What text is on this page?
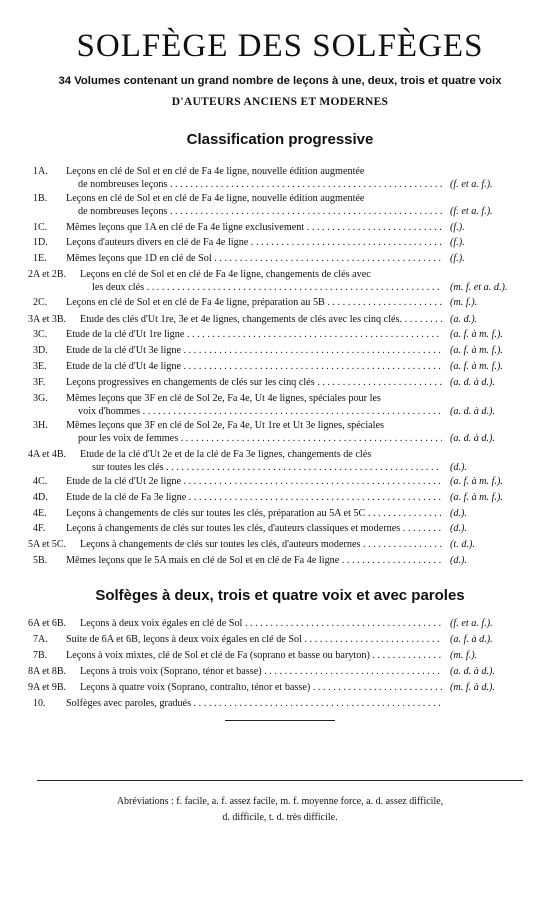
SOLFÈGE DES SOLFÈGES
34 Volumes contenant un grand nombre de leçons à une, deux, trois et quatre voix
D'AUTEURS ANCIENS ET MODERNES
Classification progressive
1A.	Leçons en clé de Sol et en clé de Fa 4e ligne, nouvelle édition augmentée
de nombreuses leçons . . .	(f. et a. f.).
1B.	Leçons en clé de Sol et en clé de Fa 4e ligne, nouvelle édition augmentée
de nombreuses leçons . . .	(f. et a. f.).
1C.	Mêmes leçons que 1A en clé de Fa 4e ligne exclusivement . . .	(f.).
1D.	Leçons d'auteurs divers en clé de Fa 4e ligne . . .	(f.).
1E.	Mêmes leçons que 1D en clé de Sol . . .	(f.).
2A et 2B.	Leçons en clé de Sol et en clé de Fa 4e ligne, changements de clés avec
les deux clés . . .	(m. f. et a. d.).
2C.	Leçons en clé de Sol et en clé de Fa 4e ligne, préparation au 5B . . .	(m. f.).
3A et 3B.	Étude des clés d'Ut 1re, 3e et 4e lignes, changements de clés avec les cinq clés. . . .	(a. d.).
3C.	Étude de la clé d'Ut 1re ligne . . .	(a. f. à m. f.).
3D.	Étude de la clé d'Ut 3e ligne . . .	(a. f. à m. f.).
3E.	Étude de la clé d'Ut 4e ligne . . .	(a. f. à m. f.).
3F.	Leçons progressives en changements de clés sur les cinq clés . . .	(a. d. à d.).
3G.	Mêmes leçons que 3F en clé de Sol 2e, Fa 4e, Ut 4e lignes, spéciales pour les
voix d'hommes . . .	(a. d. à d.).
3H.	Mêmes leçons que 3F en clé de Sol 2e, Fa 4e, Ut 1re et Ut 3e lignes, spéciales
pour les voix de femmes . . .	(a. d. à d.).
4A et 4B.	Étude de la clé d'Ut 2e et de la clé de Fa 3e lignes, changements de clés
sur toutes les clés . . .	(d.).
4C.	Étude de la clé d'Ut 2e ligne . . .	(a. f. à m. f.).
4D.	Étude de la clé de Fa 3e ligne . . .	(a. f. à m. f.).
4E.	Leçons à changements de clés sur toutes les clés, préparation au 5A et 5C . . .	(d.).
4F.	Leçons à changements de clés sur toutes les clés, d'auteurs classiques et modernes . . .	(d.).
5A et 5C.	Leçons à changements de clés sur toutes les clés, d'auteurs modernes . . .	(t. d.).
5B.	Mêmes leçons que le 5A mais en clé de Sol et en clé de Fa 4e ligne . . .	(d.).
Solfèges à deux, trois et quatre voix et avec paroles
6A et 6B.	Leçons à deux voix égales en clé de Sol . . .	(f. et a. f.).
7A.	Suite de 6A et 6B, leçons à deux voix égales en clé de Sol . . .	(a. f. à d.).
7B.	Leçons à voix mixtes, clé de Sol et clé de Fa (soprano et basse ou baryton) . . .	(m. f.).
8A et 8B.	Leçons à trois voix (Soprano, ténor et basse) . . .	(a. d. à d.).
9A et 9B.	Leçons à quatre voix (Soprano, contralto, ténor et basse) . . .	(m. f. à d.).
10.	Solfèges avec paroles, gradués . . .
Abréviations : f. facile, a. f. assez facile, m. f. moyenne force, a. d. assez difficile,
d. difficile, t. d. très difficile.
